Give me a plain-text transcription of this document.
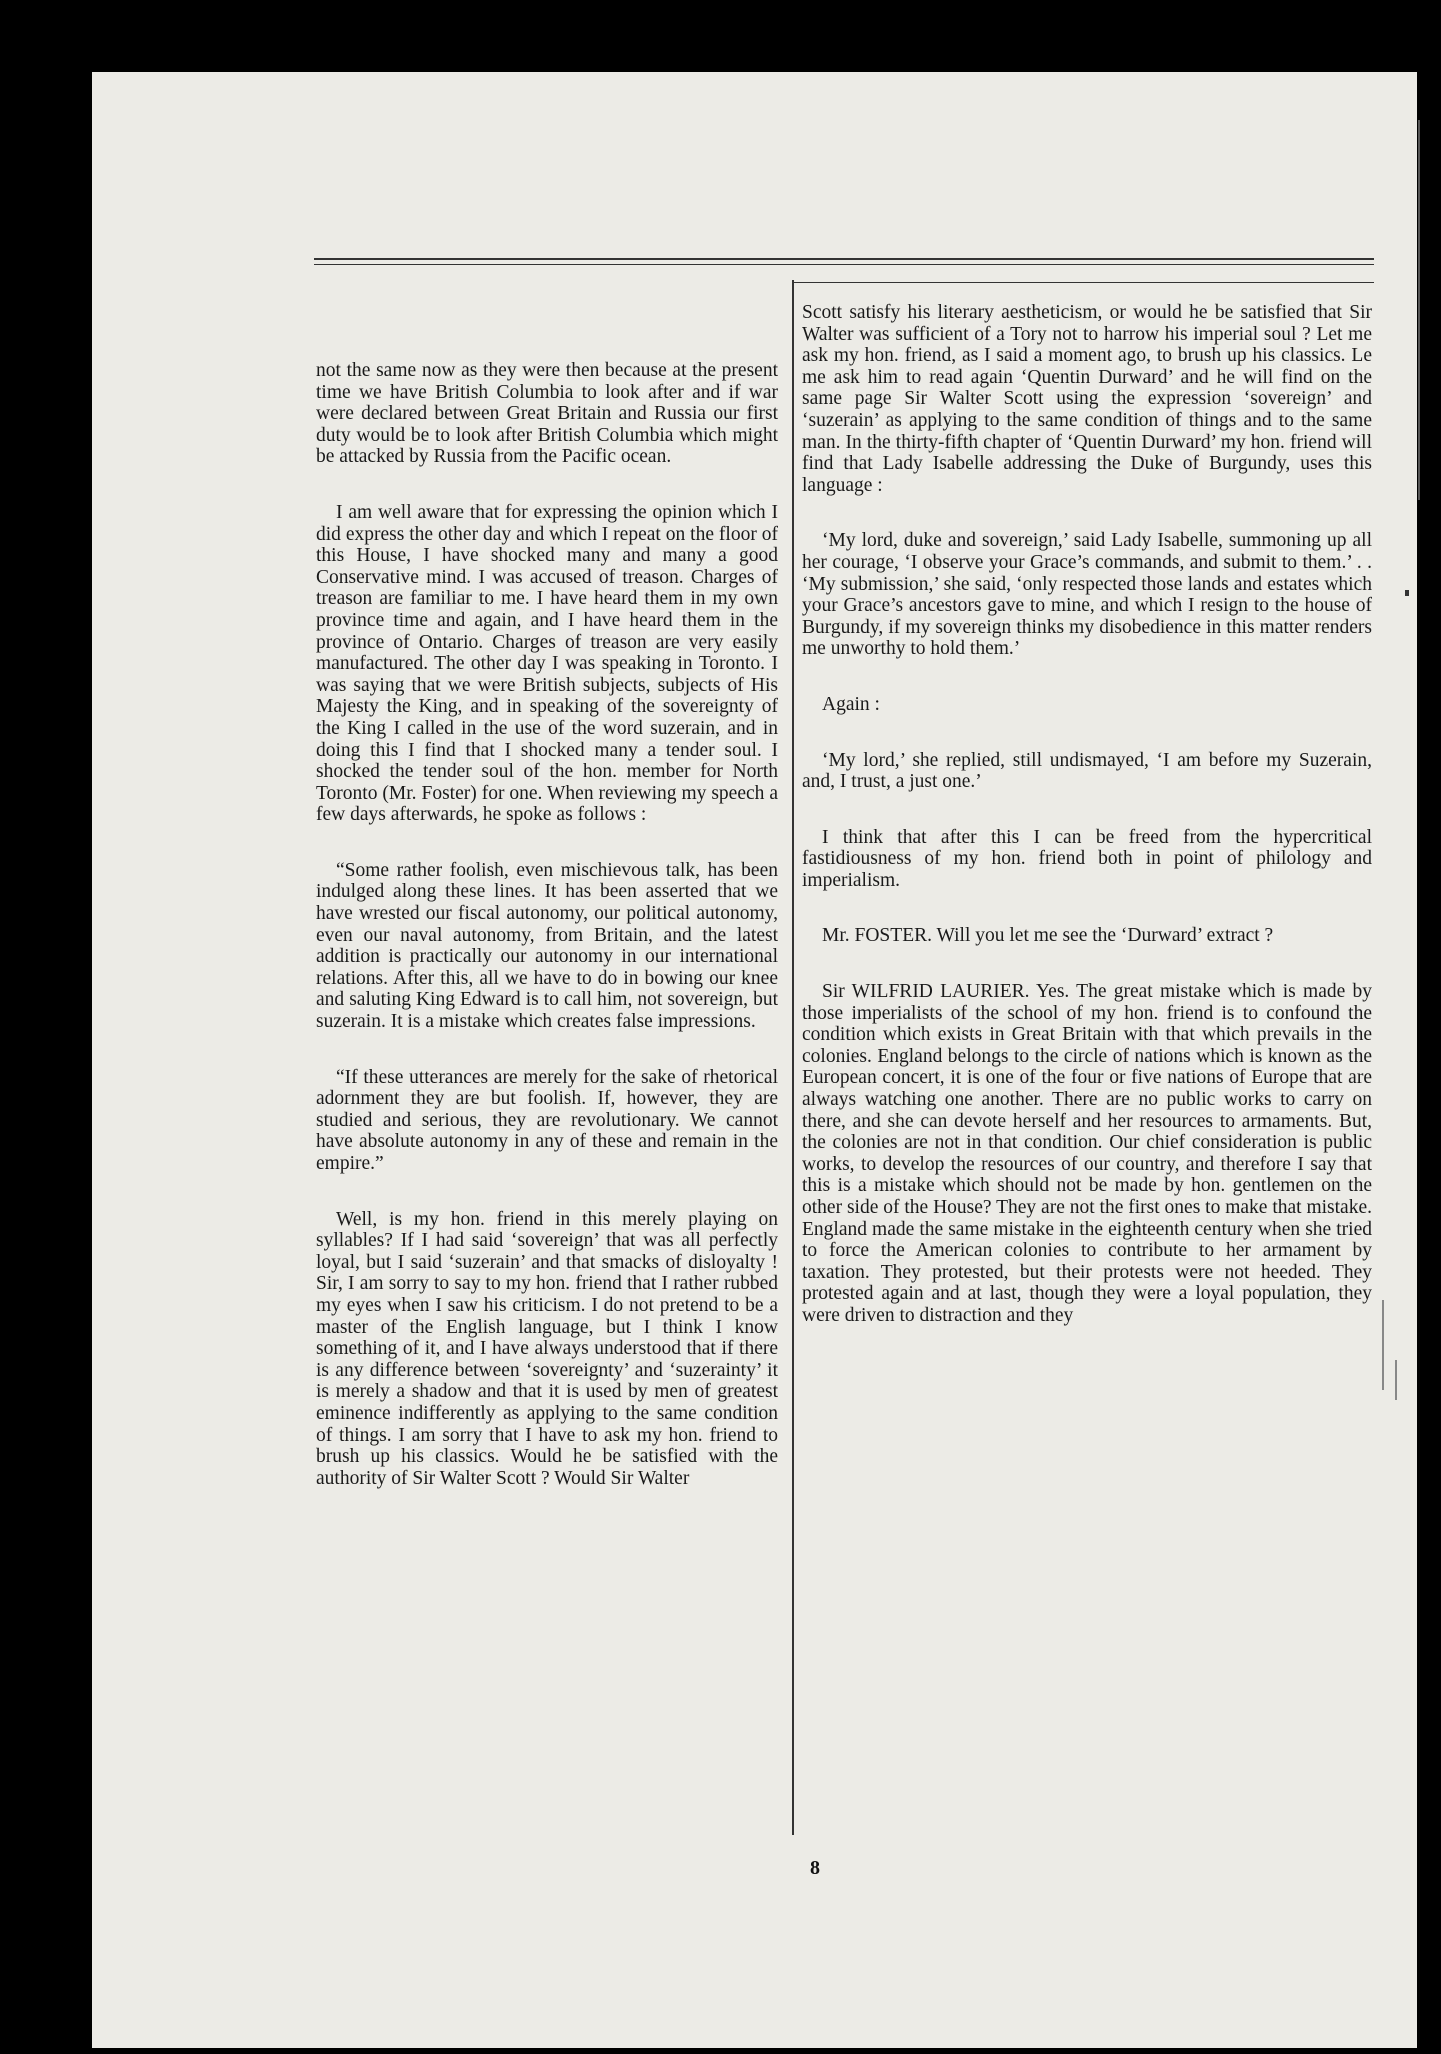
not the same now as they were then because at the present time we have British Columbia to look after and if war were declared between Great Britain and Russia our first duty would be to look after British Columbia which might be attacked by Russia from the Pacific ocean.

I am well aware that for expressing the opinion which I did express the other day and which I repeat on the floor of this House, I have shocked many and many a good Conservative mind. I was accused of treason. Charges of treason are familiar to me. I have heard them in my own province time and again, and I have heard them in the province of Ontario. Charges of treason are very easily manufactured. The other day I was speaking in Toronto. I was saying that we were British subjects, subjects of His Majesty the King, and in speaking of the sovereignty of the King I called in the use of the word suzerain, and in doing this I find that I shocked many a tender soul. I shocked the tender soul of the hon. member for North Toronto (Mr. Foster) for one. When reviewing my speech a few days afterwards, he spoke as follows :

“Some rather foolish, even mischievous talk, has been indulged along these lines. It has been asserted that we have wrested our fiscal autonomy, our political autonomy, even our naval autonomy, from Britain, and the latest addition is practically our autonomy in our international relations. After this, all we have to do in bowing our knee and saluting King Edward is to call him, not sovereign, but suzerain. It is a mistake which creates false impressions.

“If these utterances are merely for the sake of rhetorical adornment they are but foolish. If, however, they are studied and serious, they are revolutionary. We cannot have absolute autonomy in any of these and remain in the empire.”

Well, is my hon. friend in this merely playing on syllables? If I had said ‘sovereign’ that was all perfectly loyal, but I said ‘suzerain’ and that smacks of disloyalty ! Sir, I am sorry to say to my hon. friend that I rather rubbed my eyes when I saw his criticism. I do not pretend to be a master of the English language, but I think I know something of it, and I have always understood that if there is any difference between ‘sovereignty’ and ‘suzerainty’ it is merely a shadow and that it is used by men of greatest eminence indifferently as applying to the same condition of things. I am sorry that I have to ask my hon. friend to brush up his classics. Would he be satisfied with the authority of Sir Walter Scott ? Would Sir Walter

Scott satisfy his literary aestheticism, or would he be satisfied that Sir Walter was sufficient of a Tory not to harrow his imperial soul ? Let me ask my hon. friend, as I said a moment ago, to brush up his classics. Le me ask him to read again ‘Quentin Durward’ and he will find on the same page Sir Walter Scott using the expression ‘sovereign’ and ‘suzerain’ as applying to the same condition of things and to the same man. In the thirty-fifth chapter of ‘Quentin Durward’ my hon. friend will find that Lady Isabelle addressing the Duke of Burgundy, uses this language :

‘My lord, duke and sovereign,’ said Lady Isabelle, summoning up all her courage, ‘I observe your Grace’s commands, and submit to them.’ . . ‘My submission,’ she said, ‘only respected those lands and estates which your Grace’s ancestors gave to mine, and which I resign to the house of Burgundy, if my sovereign thinks my disobedience in this matter renders me unworthy to hold them.’

Again :

‘My lord,’ she replied, still undismayed, ‘I am before my Suzerain, and, I trust, a just one.’

I think that after this I can be freed from the hypercritical fastidiousness of my hon. friend both in point of philology and imperialism.

Mr. FOSTER. Will you let me see the ‘Durward’ extract ?

Sir WILFRID LAURIER. Yes. The great mistake which is made by those imperialists of the school of my hon. friend is to confound the condition which exists in Great Britain with that which prevails in the colonies. England belongs to the circle of nations which is known as the European concert, it is one of the four or five nations of Europe that are always watching one another. There are no public works to carry on there, and she can devote herself and her resources to armaments. But, the colonies are not in that condition. Our chief consideration is public works, to develop the resources of our country, and therefore I say that this is a mistake which should not be made by hon. gentlemen on the other side of the House? They are not the first ones to make that mistake. England made the same mistake in the eighteenth century when she tried to force the American colonies to contribute to her armament by taxation. They protested, but their protests were not heeded. They protested again and at last, though they were a loyal population, they were driven to distraction and they

8
